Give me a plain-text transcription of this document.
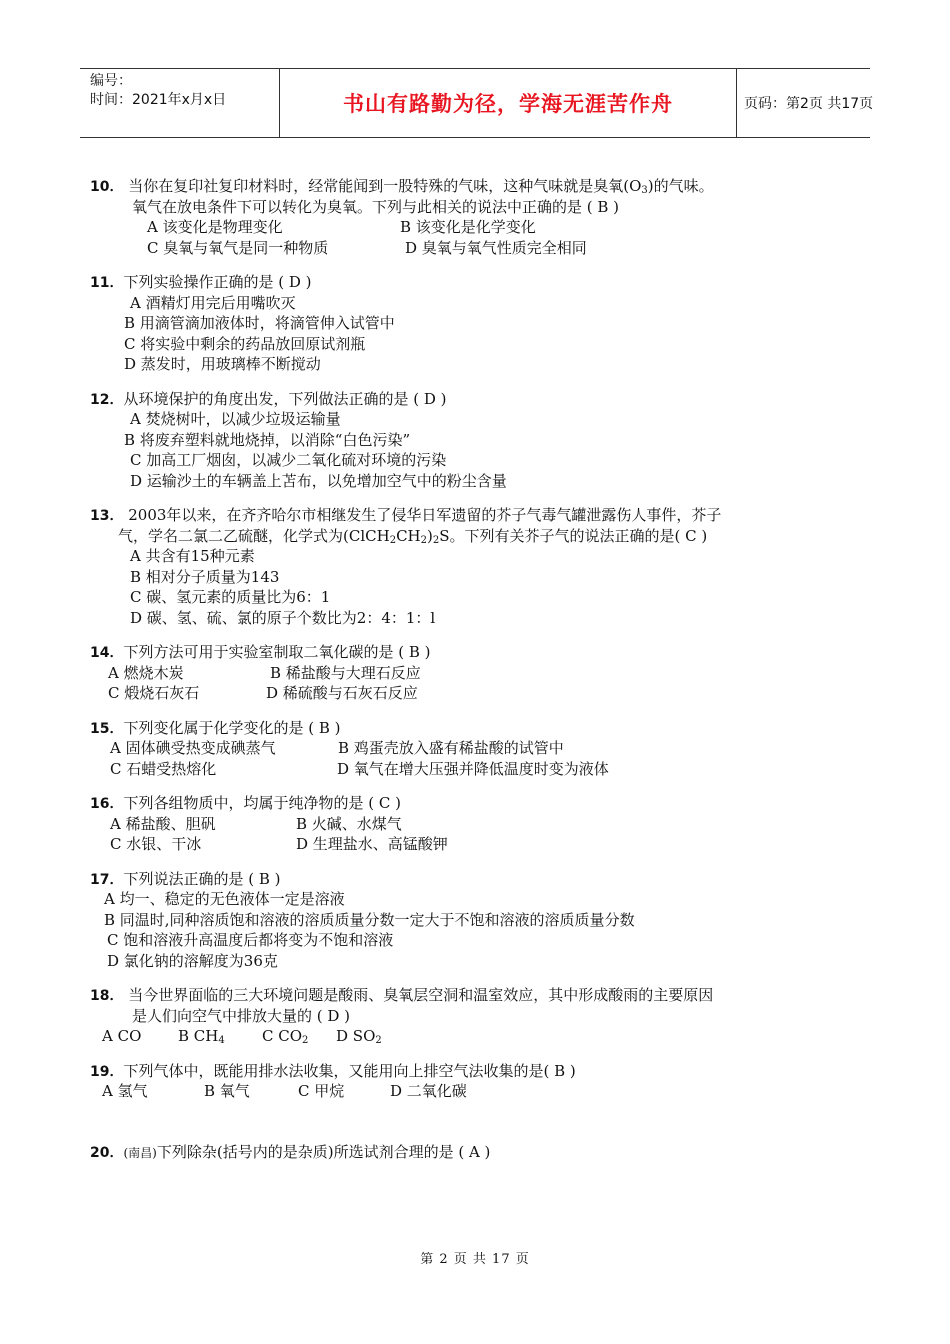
编号：
时间：2021年x月x日	书山有路勤为径，学海无涯苦作舟	页码：第2页 共17页
10． 当你在复印社复印材料时，经常能闻到一股特殊的气味，这种气味就是臭氧$(O_3)$的气味。
氧气在放电条件下可以转化为臭氧。下列与此相关的说法中正确的是 ( B )
A 该变化是物理变化	B 该变化是化学变化
C 臭氧与氧气是同一种物质	D 臭氧与氧气性质完全相同
11．下列实验操作正确的是 ( D )
A 酒精灯用完后用嘴吹灭
B 用滴管滴加液体时，将滴管伸入试管中
C 将实验中剩余的药品放回原试剂瓶
D 蒸发时，用玻璃棒不断搅动
12．从环境保护的角度出发，下列做法正确的是 ( D )
A 焚烧树叶，以减少垃圾运输量
B 将废弃塑料就地烧掉，以消除“白色污染”
C 加高工厂烟囱，以减少二氧化硫对环境的污染
D 运输沙土的车辆盖上苫布，以免增加空气中的粉尘含量
13． 2003年以来，在齐齐哈尔市相继发生了侵华日军遗留的芥子气毒气罐泄露伤人事件，芥子
气，学名二氯二乙硫醚，化学式为$(ClCH_2CH_2)_2S$。下列有关芥子气的说法正确的是( C )
A 共含有15种元素
B 相对分子质量为143
C 碳、氢元素的质量比为6：1
D 碳、氢、硫、氯的原子个数比为2：4：1：l
14．下列方法可用于实验室制取二氧化碳的是 ( B )
A 燃烧木炭	B 稀盐酸与大理石反应
C 煅烧石灰石	D 稀硫酸与石灰石反应
15．下列变化属于化学变化的是 ( B )
A 固体碘受热变成碘蒸气	B 鸡蛋壳放入盛有稀盐酸的试管中
C 石蜡受热熔化	D 氧气在增大压强并降低温度时变为液体
16．下列各组物质中，均属于纯净物的是 ( C )
A 稀盐酸、胆矾	B 火碱、水煤气
C 水银、干冰	D 生理盐水、高锰酸钾
17．下列说法正确的是 ( B )
A 均一、稳定的无色液体一定是溶液
B 同温时,同种溶质饱和溶液的溶质质量分数一定大于不饱和溶液的溶质质量分数
C 饱和溶液升高温度后都将变为不饱和溶液
D 氯化钠的溶解度为36克
18． 当今世界面临的三大环境问题是酸雨、臭氧层空洞和温室效应，其中形成酸雨的主要原因
是人们向空气中排放大量的 ( D )
A CO	B $CH_4$	C $CO_2$	D $SO_2$
19．下列气体中，既能用排水法收集，又能用向上排空气法收集的是( B )
A 氢气	B 氧气	C 甲烷	D 二氧化碳
20．(南昌)下列除杂(括号内的是杂质)所选试剂合理的是 ( A )
第 2 页 共 17 页
